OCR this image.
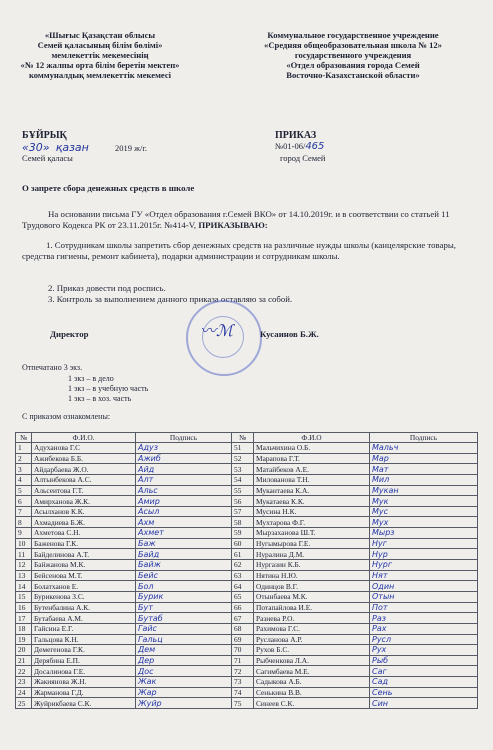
«Шығыс Қазақстан облысы
Семей қаласының білім бөлімі»
мемлекеттік мекемесінің
«№ 12 жалпы орта білім беретін мектеп»
коммуналдық мемлекеттік мекемесі
Коммунальное государственное учреждение
«Средняя общеобразовательная школа № 12»
государственного учреждения
«Отдел образования города Семей
Восточно-Казахстанской области»
БҰЙРЫҚ
«30» қазан	2019 ж/г.
Семей қаласы
ПРИКАЗ
№01-06/465
город Семей
О запрете сбора денежных средств в школе
На основании письма ГУ «Отдел образования г.Семей ВКО» от 14.10.2019г. и в соответствии со статьей 11 Трудового Кодекса РК от 23.11.2015г. №414-V, ПРИКАЗЫВАЮ:
1. Сотрудникам школы запретить сбор денежных средств на различные нужды школы (канцелярские товары, средства гигиены, ремонт кабинета), подарки администрации и сотрудникам школы.
2. Приказ довести под роспись.
3. Контроль за выполнением данного приказа оставляю за собой.
Директор	〰ℳ	Кусаинов Б.Ж.
Отпечатано 3 экз.
1 экз – в дело
1 экз – в учебную часть
1 экз – в хоз. часть
С приказом ознакомлены:
№	Ф.И.О.	Подпись	№	Ф.И.О	Подпись
1	Адуханова Г.С	Адуз	51	Мальчихина О.Б.	Мальч
2	Ажибекова Б.Б.	Ажиб	52	Марапова Г.Т.	Мар
3	Айдарбаева Ж.О.	Айд	53	Матайбеков А.Е.	Мат
4	Алтынбекова А.С.	Алт	54	Милованова Т.Н.	Мил
5	Альсеитова Г.Т.	Альс	55	Мукантаева К.А.	Мукан
6	Амирханова Ж.К.	Амир	56	Мукатаева К.К.	Мук
7	Асылханов К.К.	Асыл	57	Мусина Н.К.	Мус
8	Ахмадиева Б.Ж.	Ахм	58	Мухтарова Ф.Г.	Мух
9	Ахметова С.Н.	Ахмет	59	Мырзаханова Ш.Т.	Мырз
10	Баженова Г.К.	Баж	60	Нугымырова Г.Е.	Нуг
11	Байделинова А.Т.	Байд	61	Нуралина Д.М.	Нур
12	Байжанова М.К.	Байж	62	Нургазин К.Б.	Нург
13	Бейсенова М.Т.	Бейс	63	Нятина Н.Ю.	Нят
14	Болатханов Е.	Бол	64	Одинцов В.Г.	Один
15	Бурикенова З.С.	Бурик	65	Отынбаева М.К.	Отын
16	Бутенбалина А.К.	Бут	66	Потапайлова И.Е.	Пот
17	Бутабаева А.М.	Бутаб	67	Разиева Р.О.	Раз
18	Гайсина Е.Г.	Гайс	68	Рахимова Г.С.	Рах
19	Гальцова К.Н.	Гальц	69	Русланова А.Р.	Русл
20	Демегенова Г.К.	Дем	70	Рухов Б.С.	Рух
21	Дерябина Е.П.	Дер	71	Рыбченкова Л.А.	Рыб
22	Досалинова Г.Е.	Дос	72	Сагимбаева М.Е.	Саг
23	Жакиянова Ж.Н.	Жак	73	Садыкова А.Б.	Сад
24	Жарманова Г.Д.	Жар	74	Сенькина В.В.	Сень
25	Жуйрикбаева С.К.	Жуйр	75	Синеев С.К.	Син
